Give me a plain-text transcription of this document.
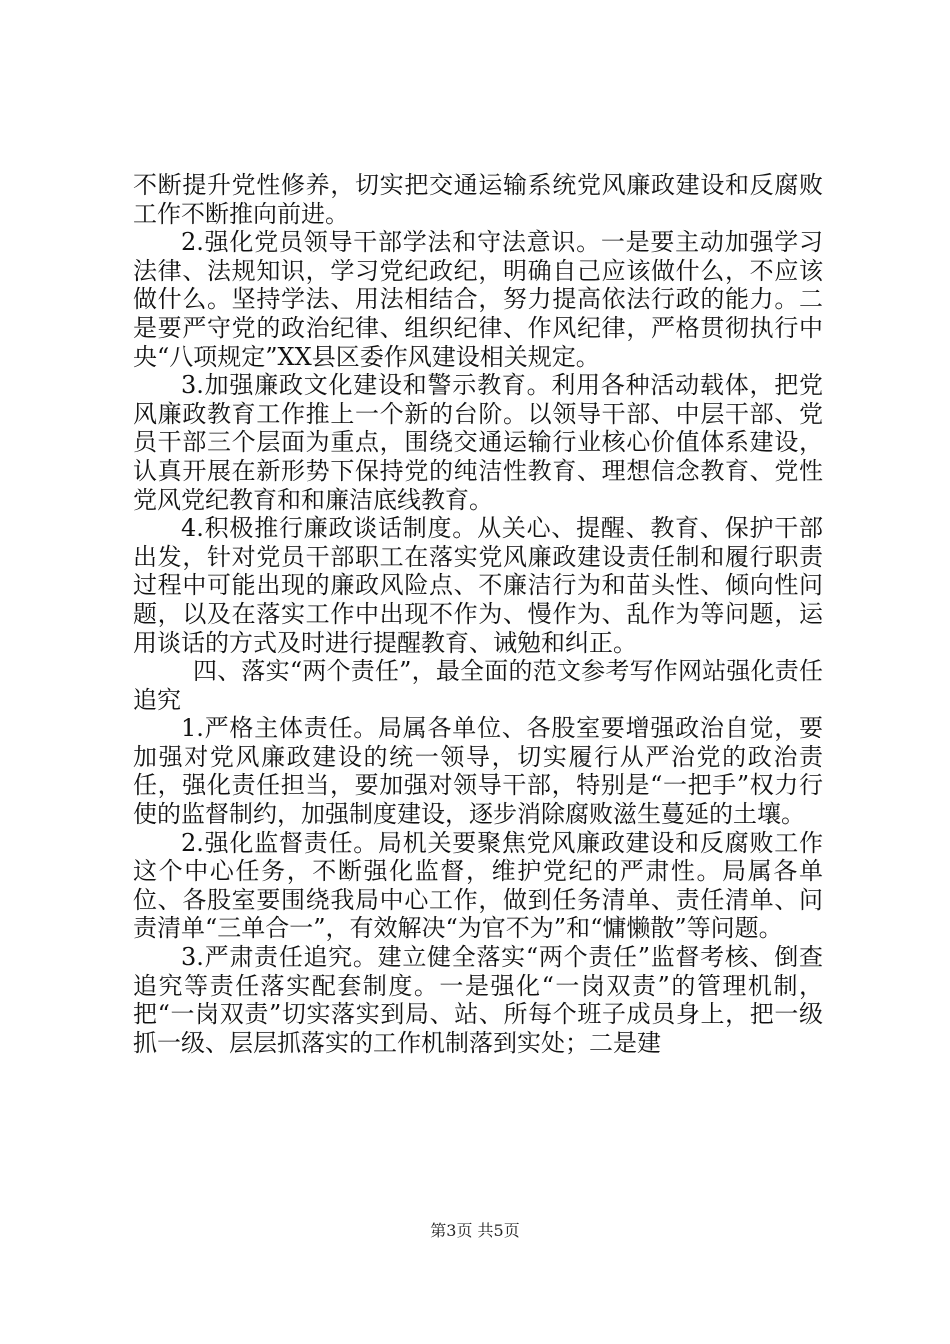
不断提升党性修养，切实把交通运输系统党风廉政建设和反腐败工作不断推向前进。

2.强化党员领导干部学法和守法意识。一是要主动加强学习法律、法规知识，学习党纪政纪，明确自己应该做什么，不应该做什么。坚持学法、用法相结合，努力提高依法行政的能力。二是要严守党的政治纪律、组织纪律、作风纪律，严格贯彻执行中央“八项规定”XX县区委作风建设相关规定。

3.加强廉政文化建设和警示教育。利用各种活动载体，把党风廉政教育工作推上一个新的台阶。以领导干部、中层干部、党员干部三个层面为重点，围绕交通运输行业核心价值体系建设，认真开展在新形势下保持党的纯洁性教育、理想信念教育、党性党风党纪教育和和廉洁底线教育。

4.积极推行廉政谈话制度。从关心、提醒、教育、保护干部出发，针对党员干部职工在落实党风廉政建设责任制和履行职责过程中可能出现的廉政风险点、不廉洁行为和苗头性、倾向性问题，以及在落实工作中出现不作为、慢作为、乱作为等问题，运用谈话的方式及时进行提醒教育、诫勉和纠正。

四、落实“两个责任”，最全面的范文参考写作网站强化责任追究

1.严格主体责任。局属各单位、各股室要增强政治自觉，要加强对党风廉政建设的统一领导，切实履行从严治党的政治责任，强化责任担当，要加强对领导干部，特别是“一把手”权力行使的监督制约，加强制度建设，逐步消除腐败滋生蔓延的土壤。

2.强化监督责任。局机关要聚焦党风廉政建设和反腐败工作这个中心任务，不断强化监督，维护党纪的严肃性。局属各单位、各股室要围绕我局中心工作，做到任务清单、责任清单、问责清单“三单合一”，有效解决“为官不为”和“慵懒散”等问题。

3.严肃责任追究。建立健全落实“两个责任”监督考核、倒查追究等责任落实配套制度。一是强化“一岗双责”的管理机制，把“一岗双责”切实落实到局、站、所每个班子成员身上，把一级抓一级、层层抓落实的工作机制落到实处；二是建

第3页 共5页
